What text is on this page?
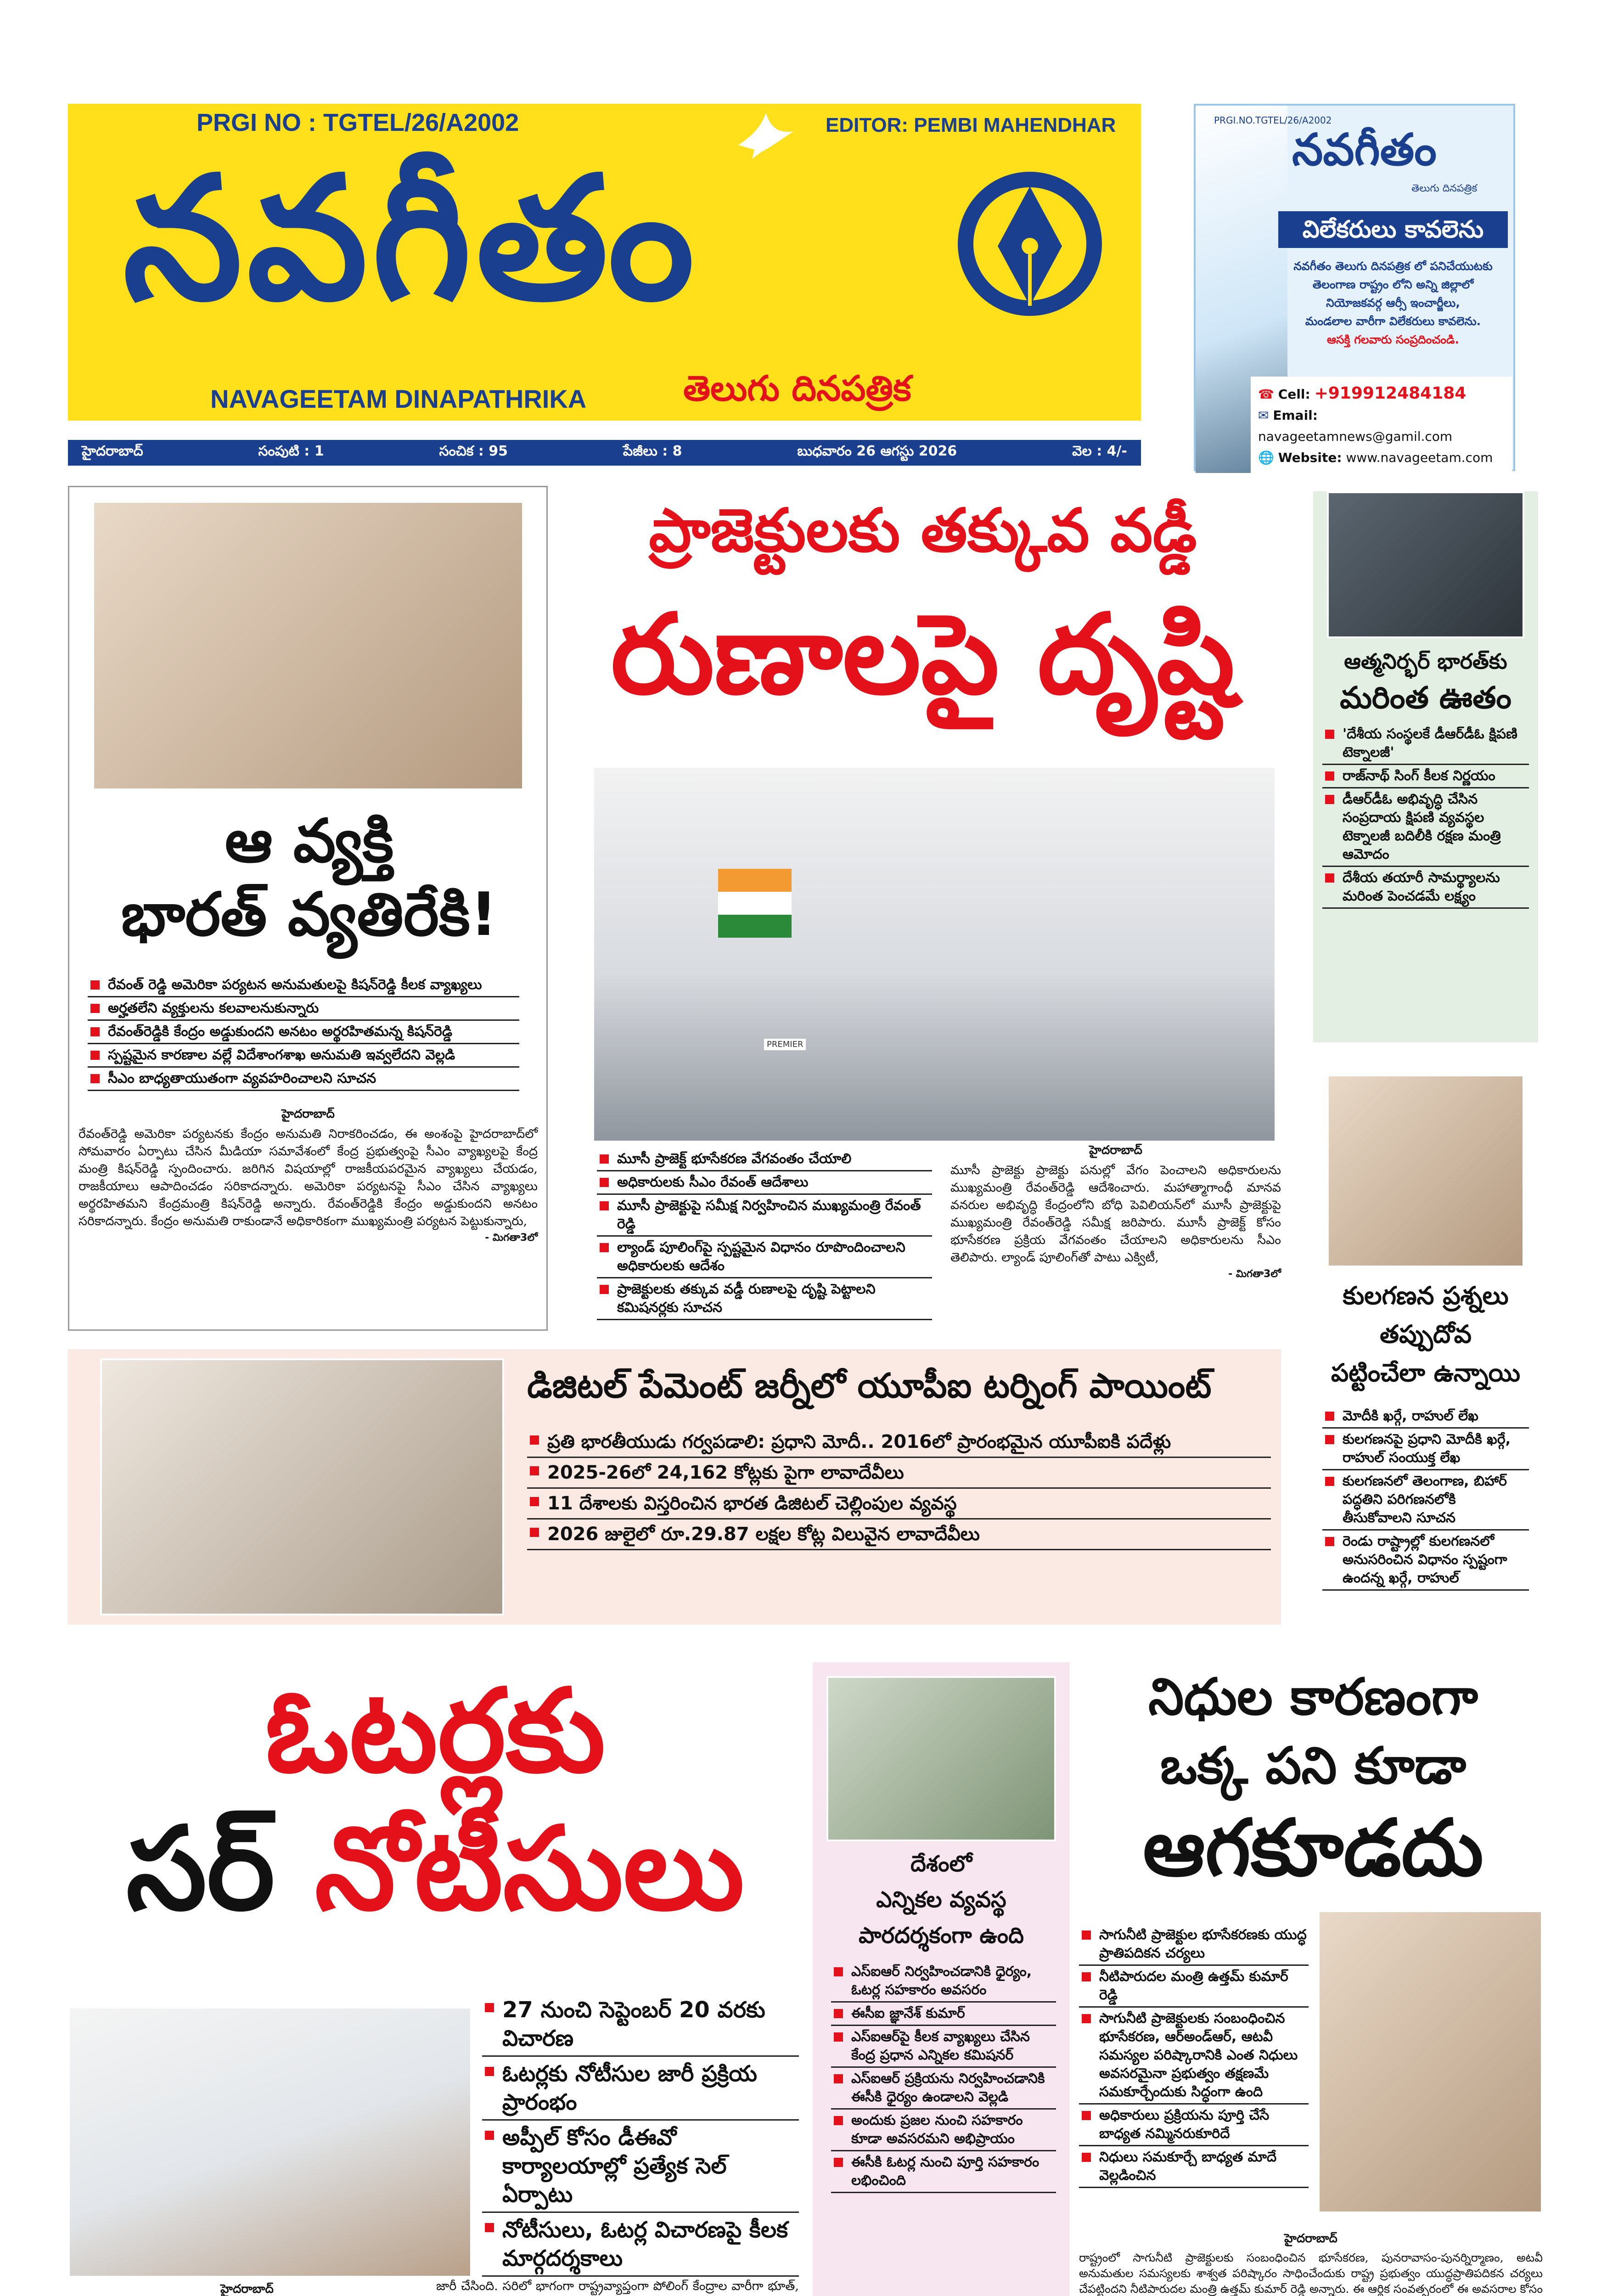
PRGI NO : TGTEL/26/A2002	EDITOR: PEMBI MAHENDHAR
నవగీతం
NAVAGEETAM DINAPATHRIKA	తెలుగు దినపత్రిక
PRGI.NO.TGTEL/26/A2002
నవగీతం
తెలుగు దినపత్రిక
విలేకరులు కావలెను
నవగీతం తెలుగు దినపత్రిక లో పనిచేయుటకు
తెలంగాణ రాష్ట్రం లోని అన్ని జిల్లాలో
నియోజకవర్గ ఆర్సీ ఇంచార్జీలు,
మండలాల వారీగా విలేకరులు కావలెను.
ఆసక్తి గలవారు సంప్రదించండి.
☎ Cell: +919912484184
✉ Email: navageetamnews@gamil.com
🌐 Website: www.navageetam.com
హైదరాబాద్	సంపుటి : 1	సంచిక : 95	పేజీలు : 8	బుధవారం 26 ఆగస్టు 2026	వెల : 4/-
ఆ వ్యక్తి
భారత్ వ్యతిరేకి!
రేవంత్ రెడ్డి అమెరికా పర్యటన అనుమతులపై కిషన్‌రెడ్డి కీలక వ్యాఖ్యలు
అర్హతలేని వ్యక్తులను కలవాలనుకున్నారు
రేవంత్‌రెడ్డికి కేంద్రం అడ్డుకుందని అనటం అర్థరహితమన్న కిషన్‌రెడ్డి
స్పష్టమైన కారణాల వల్లే విదేశాంగశాఖ అనుమతి ఇవ్వలేదని వెల్లడి
సీఎం బాధ్యతాయుతంగా వ్యవహరించాలని సూచన
హైదరాబాద్
రేవంత్‌రెడ్డి అమెరికా పర్యటనకు కేంద్రం అనుమతి నిరాకరించడం, ఈ అంశంపై హైదరాబాద్‌లో సోమవారం ఏర్పాటు చేసిన మీడియా సమావేశంలో కేంద్ర ప్రభుత్వంపై సీఎం వ్యాఖ్యలపై కేంద్ర మంత్రి కిషన్‌రెడ్డి స్పందించారు. జరిగిన విషయాల్లో రాజకీయపరమైన వ్యాఖ్యలు చేయడం, రాజకీయాలు ఆపాదించడం సరికాదన్నారు. అమెరికా పర్యటనపై సీఎం చేసిన వ్యాఖ్యలు అర్థరహితమని కేంద్రమంత్రి కిషన్‌రెడ్డి అన్నారు. రేవంత్‌రెడ్డికి కేంద్రం అడ్డుకుందని అనటం సరికాదన్నారు. కేంద్రం అనుమతి రాకుండానే అధికారికంగా ముఖ్యమంత్రి పర్యటన పెట్టుకున్నారు,
- మిగతా3లో
ప్రాజెక్టులకు తక్కువ వడ్డీ
రుణాలపై దృష్టి
PREMIER
మూసీ ప్రాజెక్ట్ భూసేకరణ వేగవంతం చేయాలి
అధికారులకు సీఎం రేవంత్ ఆదేశాలు
మూసీ ప్రాజెక్టుపై సమీక్ష నిర్వహించిన ముఖ్యమంత్రి రేవంత్ రెడ్డి
ల్యాండ్ పూలింగ్‌పై స్పష్టమైన విధానం రూపొందించాలని అధికారులకు ఆదేశం
ప్రాజెక్టులకు తక్కువ వడ్డీ రుణాలపై దృష్టి పెట్టాలని కమిషనర్లకు సూచన
హైదరాబాద్
మూసీ ప్రాజెక్టు ప్రాజెక్టు పనుల్లో వేగం పెంచాలని అధికారులను ముఖ్యమంత్రి రేవంత్‌రెడ్డి ఆదేశించారు. మహాత్మాగాంధీ మానవ వనరుల అభివృద్ధి కేంద్రంలోని బోధి పెవిలియన్‌లో మూసీ ప్రాజెక్టుపై ముఖ్యమంత్రి రేవంత్‌రెడ్డి సమీక్ష జరిపారు. మూసీ ప్రాజెక్ట్ కోసం భూసేకరణ ప్రక్రియ వేగవంతం చేయాలని అధికారులను సీఎం తెలిపారు. ల్యాండ్ పూలింగ్‌తో పాటు ఎక్విటీ,
- మిగతా3లో
ఆత్మనిర్భర్ భారత్‌కు
మరింత ఊతం
'దేశీయ సంస్థలకే డీఆర్‌డీఓ క్షిపణి టెక్నాలజీ'
రాజ్‌నాథ్ సింగ్ కీలక నిర్ణయం
డీఆర్‌డీఓ అభివృద్ధి చేసిన సంప్రదాయ క్షిపణి వ్యవస్థల టెక్నాలజీ బదిలీకి రక్షణ మంత్రి ఆమోదం
దేశీయ తయారీ సామర్థ్యాలను మరింత పెంచడమే లక్ష్యం
కులగణన ప్రశ్నలు
తప్పుదోవ
పట్టించేలా ఉన్నాయి
మోదీకి ఖర్గే, రాహుల్ లేఖ
కులగణనపై ప్రధాని మోదీకి ఖర్గే, రాహుల్ సంయుక్త లేఖ
కులగణనలో తెలంగాణ, బిహార్ పద్ధతిని పరిగణనలోకి తీసుకోవాలని సూచన
రెండు రాష్ట్రాల్లో కులగణనలో అనుసరించిన విధానం స్పష్టంగా ఉందన్న ఖర్గే, రాహుల్
డిజిటల్ పేమెంట్ జర్నీలో యూపీఐ టర్నింగ్ పాయింట్
ప్రతి భారతీయుడు గర్వపడాలి: ప్రధాని మోదీ.. 2016లో ప్రారంభమైన యూపీఐకి పదేళ్లు
2025-26లో 24,162 కోట్లకు పైగా లావాదేవీలు
11 దేశాలకు విస్తరించిన భారత డిజిటల్ చెల్లింపుల వ్యవస్థ
2026 జులైలో రూ.29.87 లక్షల కోట్ల విలువైన లావాదేవీలు
ఓటర్లకు
సర్ నోటీసులు
27 నుంచి సెప్టెంబర్ 20 వరకు విచారణ
ఓటర్లకు నోటీసుల జారీ ప్రక్రియ ప్రారంభం
అప్పీల్ కోసం డీఈవో కార్యాలయాల్లో ప్రత్యేక సెల్ ఏర్పాటు
నోటీసులు, ఓటర్ల విచారణపై కీలక మార్గదర్శకాలు
హైదరాబాద్	జారీ చేసింది. సరిలో భాగంగా రాష్ట్రవ్యాప్తంగా పోలింగ్ కేంద్రాల వారీగా భూత్,
దేశంలో
ఎన్నికల వ్యవస్థ
పారదర్శకంగా ఉంది
ఎస్ఐఆర్ నిర్వహించడానికి ధైర్యం, ఓటర్ల సహకారం అవసరం
ఈసీఐ జ్ఞానేశ్ కుమార్
ఎస్ఐఆర్‌పై కీలక వ్యాఖ్యలు చేసిన కేంద్ర ప్రధాన ఎన్నికల కమిషనర్
ఎస్ఐఆర్ ప్రక్రియను నిర్వహించడానికి ఈసీకి ధైర్యం ఉండాలని వెల్లడి
అందుకు ప్రజల నుంచి సహకారం కూడా అవసరమని అభిప్రాయం
ఈసీకి ఓటర్ల నుంచి పూర్తి సహకారం లభించింది
నిధుల కారణంగా
ఒక్క పని కూడా
ఆగకూడదు
సాగునీటి ప్రాజెక్టుల భూసేకరణకు యుద్ధ ప్రాతిపదికన చర్యలు
నీటిపారుదల మంత్రి ఉత్తమ్ కుమార్ రెడ్డి
సాగునీటి ప్రాజెక్టులకు సంబంధించిన భూసేకరణ, ఆర్‌అండ్‌ఆర్, ఆటవీ సమస్యల పరిష్కారానికి ఎంత నిధులు అవసరమైనా ప్రభుత్వం తక్షణమే సమకూర్చేందుకు సిద్ధంగా ఉంది
అధికారులు ప్రక్రియను పూర్తి చేసే బాధ్యత నమ్మినరుకూరిదే
నిధులు సమకూర్చే బాధ్యత మాదే వెల్లడించిన
హైదరాబాద్
రాష్ట్రంలో సాగునీటి ప్రాజెక్టులకు సంబంధించిన భూసేకరణ, పునరావాసం-పునర్నిర్మాణం, అటవీ అనుమతుల సమస్యలకు శాశ్వత పరిష్కారం సాధించేందుకు రాష్ట్ర ప్రభుత్వం యుద్ధప్రాతిపదికన చర్యలు చేపట్టిందని నీటిపారుదల మంత్రి ఉత్తమ్ కుమార్ రెడ్డి అన్నారు. ఈ ఆర్థిక సంవత్సరంలో ఈ అవసరాల కోసం
